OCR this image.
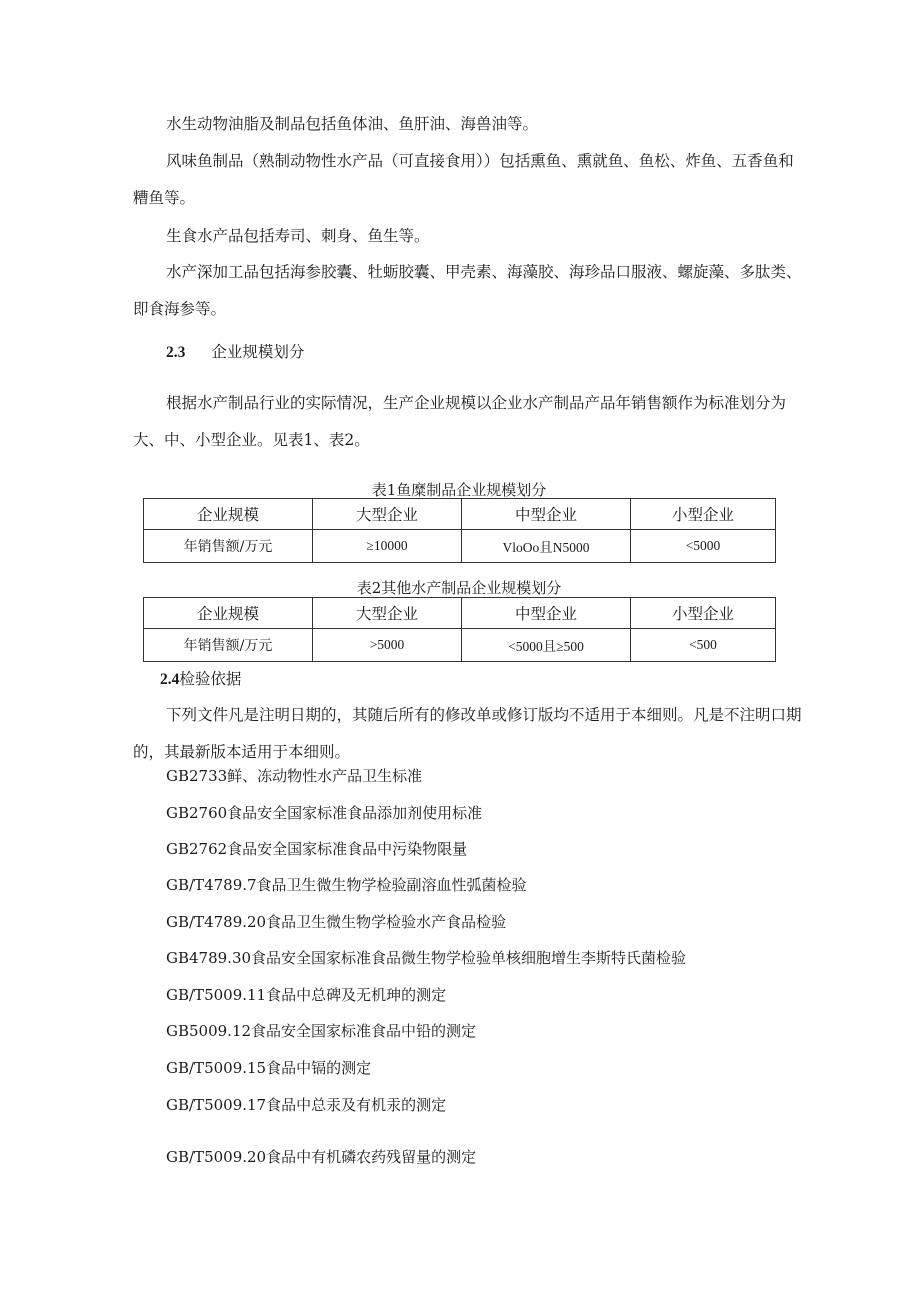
水生动物油脂及制品包括鱼体油、鱼肝油、海兽油等。
风味鱼制品（熟制动物性水产品（可直接食用））包括熏鱼、熏就鱼、鱼松、炸鱼、五香鱼和糟鱼等。
生食水产品包括寿司、刺身、鱼生等。
水产深加工品包括海参胶囊、牡蛎胶囊、甲壳素、海藻胶、海珍品口服液、螺旋藻、多肽类、即食海参等。
2.3 企业规模划分
根据水产制品行业的实际情况，生产企业规模以企业水产制品产品年销售额作为标准划分为大、中、小型企业。见表1、表2。
表1鱼糜制品企业规模划分
企业规模	大型企业	中型企业	小型企业
年销售额/万元	≥10000	VloOo且N5000	<5000
表2其他水产制品企业规模划分
企业规模	大型企业	中型企业	小型企业
年销售额/万元	>5000	<5000且≥500	<500
2.4检验依据
下列文件凡是注明日期的，其随后所有的修改单或修订版均不适用于本细则。凡是不注明口期的，其最新版本适用于本细则。
GB2733鲜、冻动物性水产品卫生标准
GB2760食品安全国家标准食品添加剂使用标准
GB2762食品安全国家标准食品中污染物限量
GB/T4789.7食品卫生微生物学检验副溶血性弧菌检验
GB/T4789.20食品卫生微生物学检验水产食品检验
GB4789.30食品安全国家标准食品微生物学检验单核细胞增生李斯特氏菌检验
GB/T5009.11食品中总碑及无机珅的测定
GB5009.12食品安全国家标准食品中铅的测定
GB/T5009.15食品中镉的测定
GB/T5009.17食品中总汞及有机汞的测定
GB/T5009.20食品中有机磷农药残留量的测定
